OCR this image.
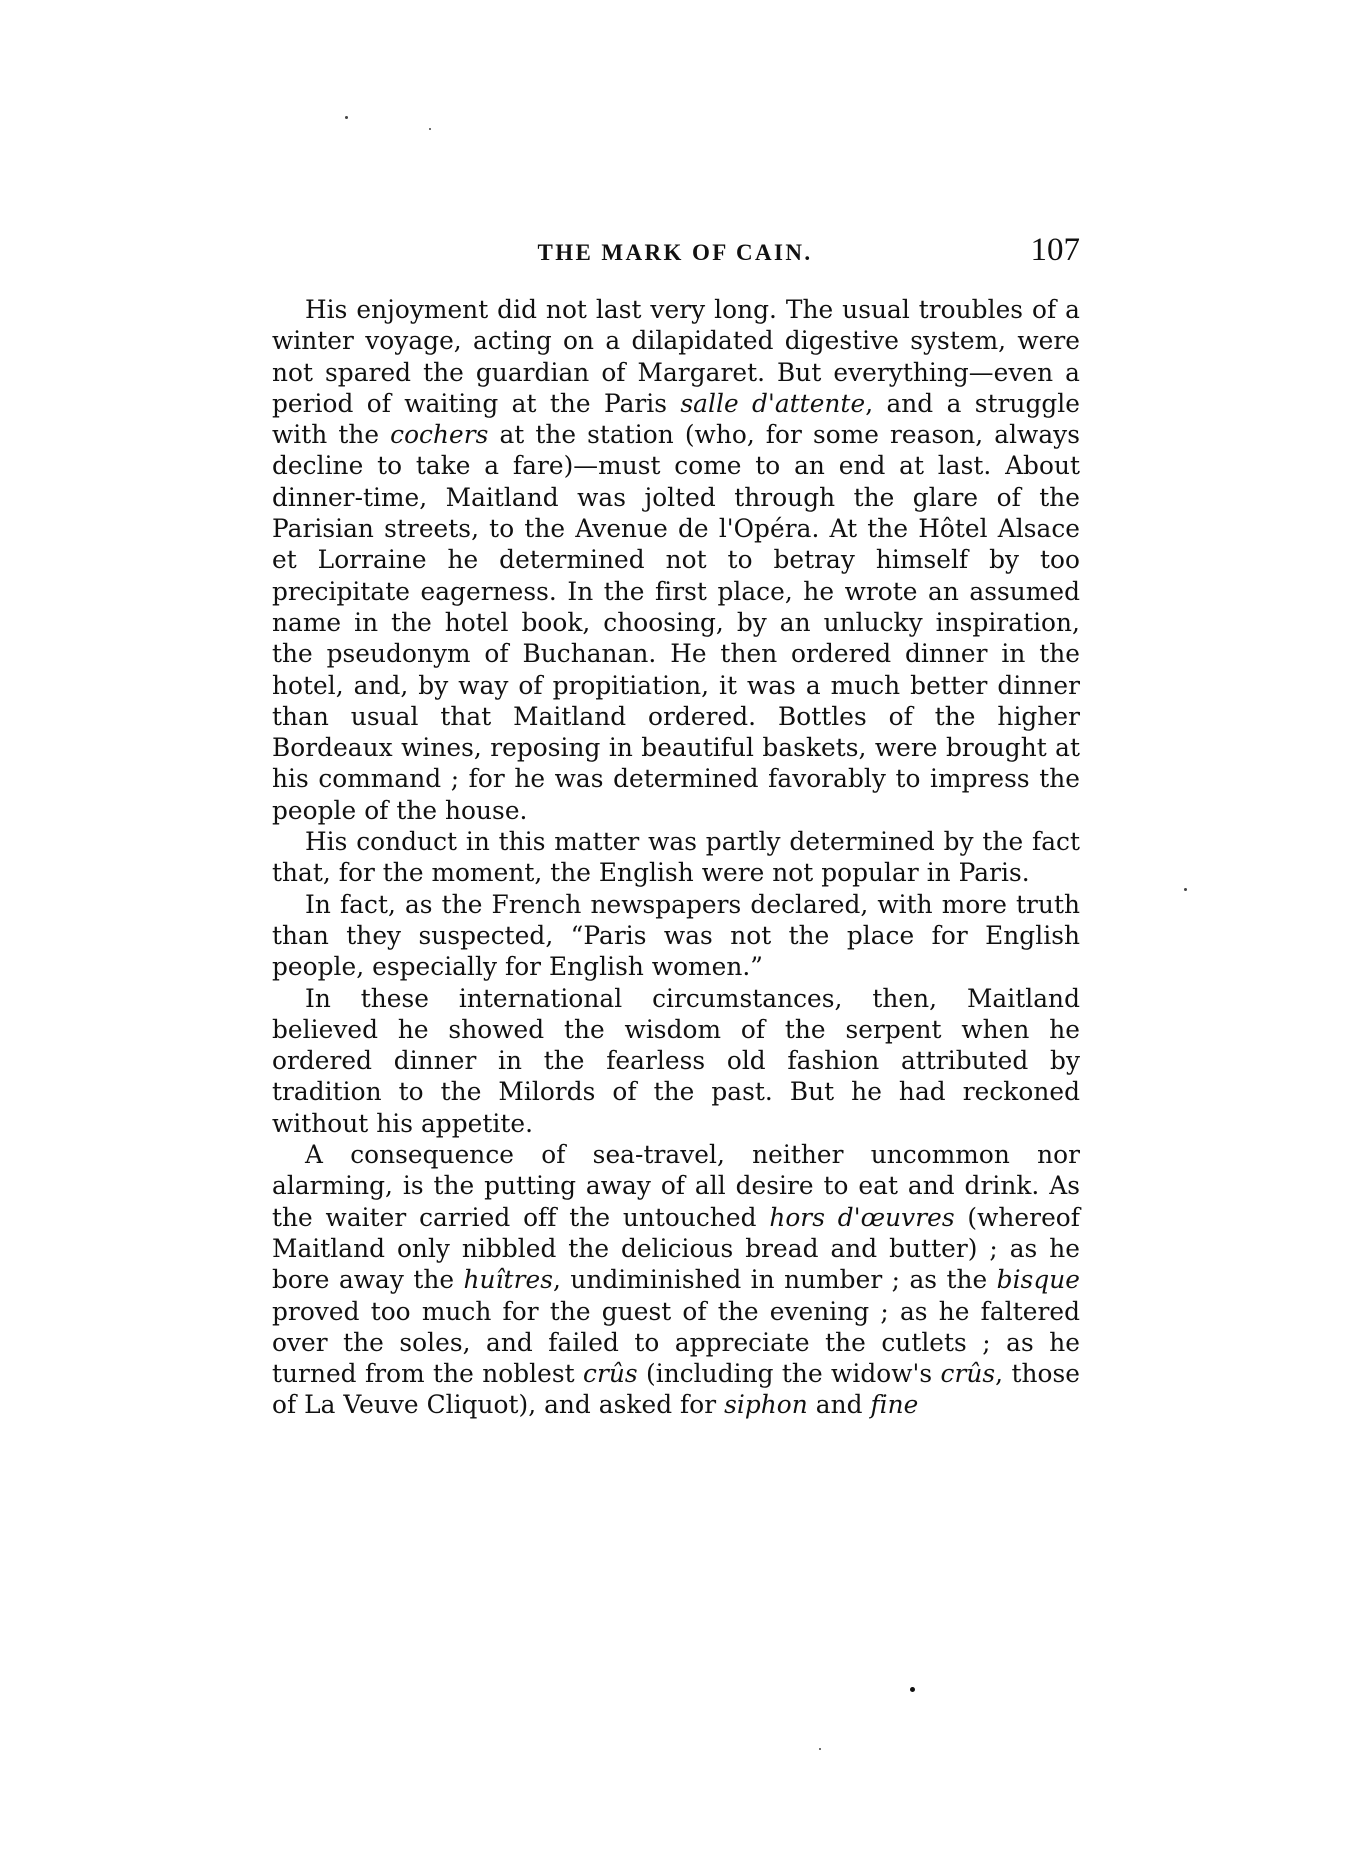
THE MARK OF CAIN.	107

His enjoyment did not last very long. The usual troubles of a winter voyage, acting on a dilapidated digestive system, were not spared the guardian of Margaret. But everything—even a period of waiting at the Paris salle d'attente, and a struggle with the cochers at the station (who, for some reason, always decline to take a fare)—must come to an end at last. About dinner-time, Maitland was jolted through the glare of the Parisian streets, to the Avenue de l'Opéra. At the Hôtel Alsace et Lorraine he determined not to betray himself by too precipitate eagerness. In the first place, he wrote an assumed name in the hotel book, choosing, by an unlucky inspiration, the pseudonym of Buchanan. He then ordered dinner in the hotel, and, by way of propitiation, it was a much better dinner than usual that Maitland ordered. Bottles of the higher Bordeaux wines, reposing in beautiful baskets, were brought at his command ; for he was determined favorably to impress the people of the house.

His conduct in this matter was partly determined by the fact that, for the moment, the English were not popular in Paris.

In fact, as the French newspapers declared, with more truth than they suspected, “Paris was not the place for English people, especially for English women.”

In these international circumstances, then, Maitland believed he showed the wisdom of the serpent when he ordered dinner in the fearless old fashion attributed by tradition to the Milords of the past. But he had reckoned without his appetite.

A consequence of sea-travel, neither uncommon nor alarming, is the putting away of all desire to eat and drink. As the waiter carried off the untouched hors d'œuvres (whereof Maitland only nibbled the delicious bread and butter) ; as he bore away the huîtres, undiminished in number ; as the bisque proved too much for the guest of the evening ; as he faltered over the soles, and failed to appreciate the cutlets ; as he turned from the noblest crûs (including the widow's crûs, those of La Veuve Cliquot), and asked for siphon and fine
